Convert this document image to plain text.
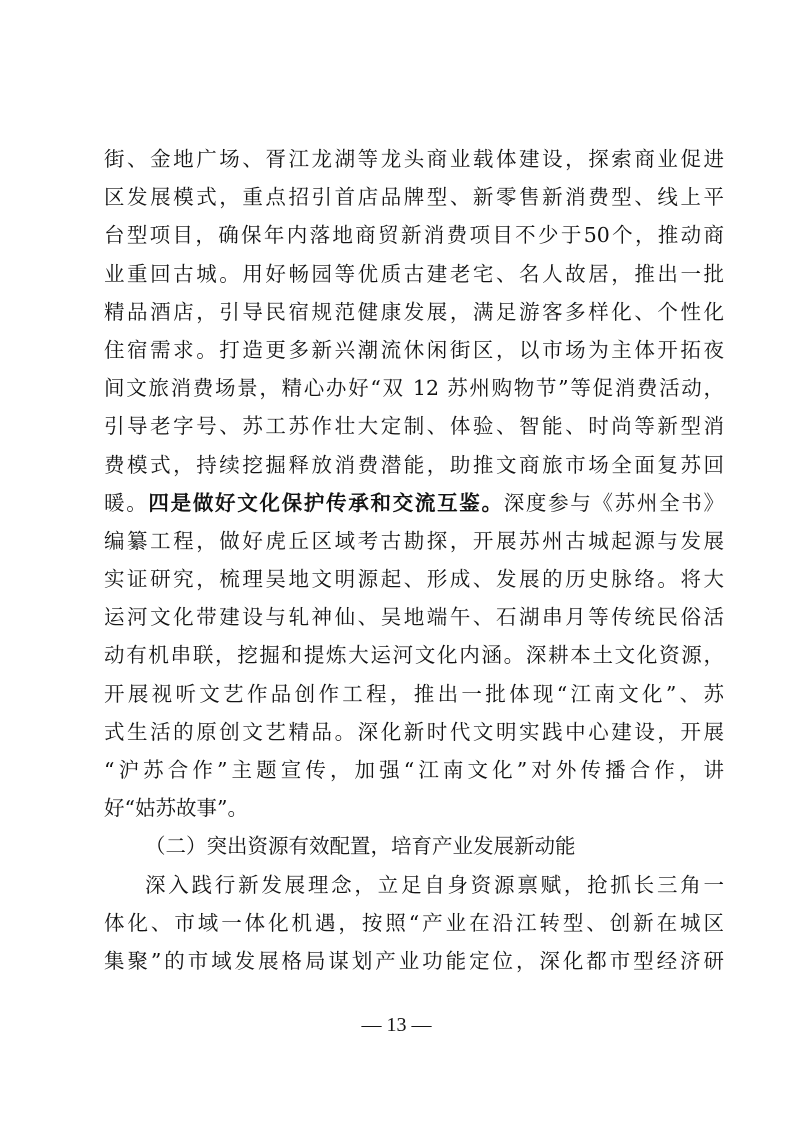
街、金地广场、胥江龙湖等龙头商业载体建设，探索商业促进
区发展模式，重点招引首店品牌型、新零售新消费型、线上平
台型项目，确保年内落地商贸新消费项目不少于50个，推动商
业重回古城。用好畅园等优质古建老宅、名人故居，推出一批
精品酒店，引导民宿规范健康发展，满足游客多样化、个性化
住宿需求。打造更多新兴潮流休闲街区，以市场为主体开拓夜
间文旅消费场景，精心办好“双 12 苏州购物节”等促消费活动，
引导老字号、苏工苏作壮大定制、体验、智能、时尚等新型消
费模式，持续挖掘释放消费潜能，助推文商旅市场全面复苏回
暖。四是做好文化保护传承和交流互鉴。深度参与《苏州全书》
编纂工程，做好虎丘区域考古勘探，开展苏州古城起源与发展
实证研究，梳理吴地文明源起、形成、发展的历史脉络。将大
运河文化带建设与轧神仙、吴地端午、石湖串月等传统民俗活
动有机串联，挖掘和提炼大运河文化内涵。深耕本土文化资源，
开展视听文艺作品创作工程，推出一批体现“江南文化”、苏
式生活的原创文艺精品。深化新时代文明实践中心建设，开展
“沪苏合作”主题宣传，加强“江南文化”对外传播合作，讲
好“姑苏故事”。
（二）突出资源有效配置，培育产业发展新动能
深入践行新发展理念，立足自身资源禀赋，抢抓长三角一
体化、市域一体化机遇，按照“产业在沿江转型、创新在城区
集聚”的市域发展格局谋划产业功能定位，深化都市型经济研
— 13 —
